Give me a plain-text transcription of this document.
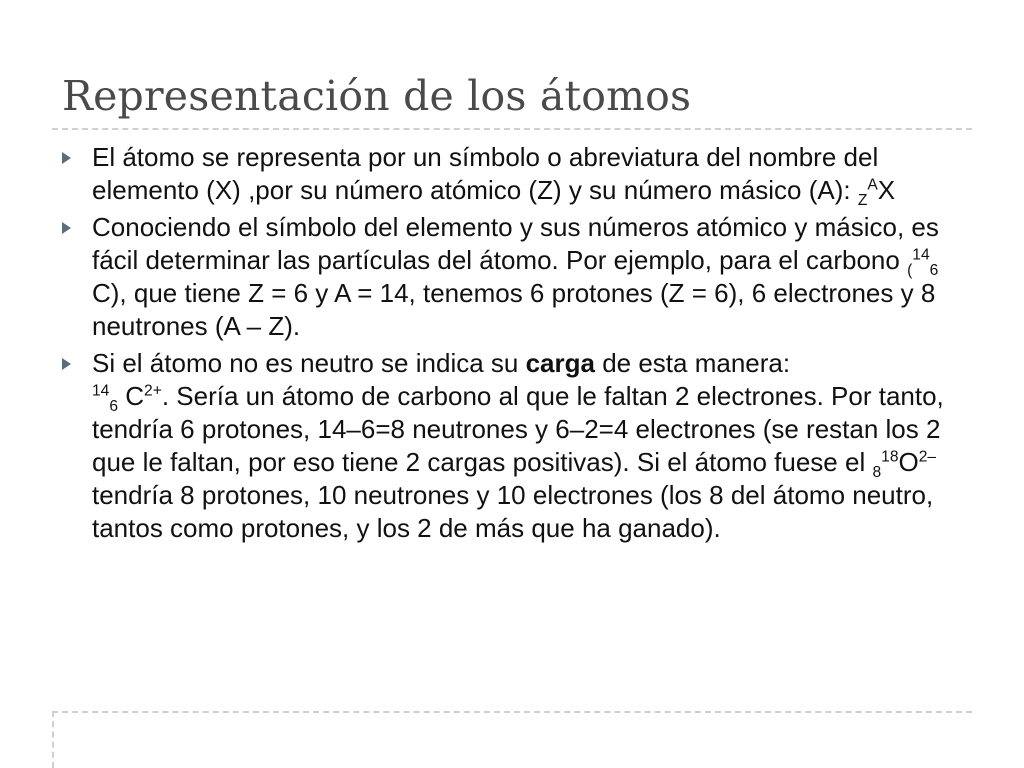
Representación de los átomos
El átomo se representa por un símbolo o abreviatura del nombre del elemento (X) ,por su número atómico (Z) y su número másico (A): $_Z^A$X
Conociendo el símbolo del elemento y sus números atómico y másico, es fácil determinar las partículas del átomo. Por ejemplo, para el carbono $_(^{14}_6$ C), que tiene Z = 6 y A = 14, tenemos 6 protones (Z = 6), 6 electrones y 8 neutrones (A – Z).
Si el átomo no es neutro se indica su carga de esta manera:
$^{14}_6$ $C^{2+}$. Sería un átomo de carbono al que le faltan 2 electrones. Por tanto, tendría 6 protones, 14–6=8 neutrones y 6–2=4 electrones (se restan los 2 que le faltan, por eso tiene 2 cargas positivas). Si el átomo fuese el $_8^{18}O^{2-}$ tendría 8 protones, 10 neutrones y 10 electrones (los 8 del átomo neutro, tantos como protones, y los 2 de más que ha ganado).
